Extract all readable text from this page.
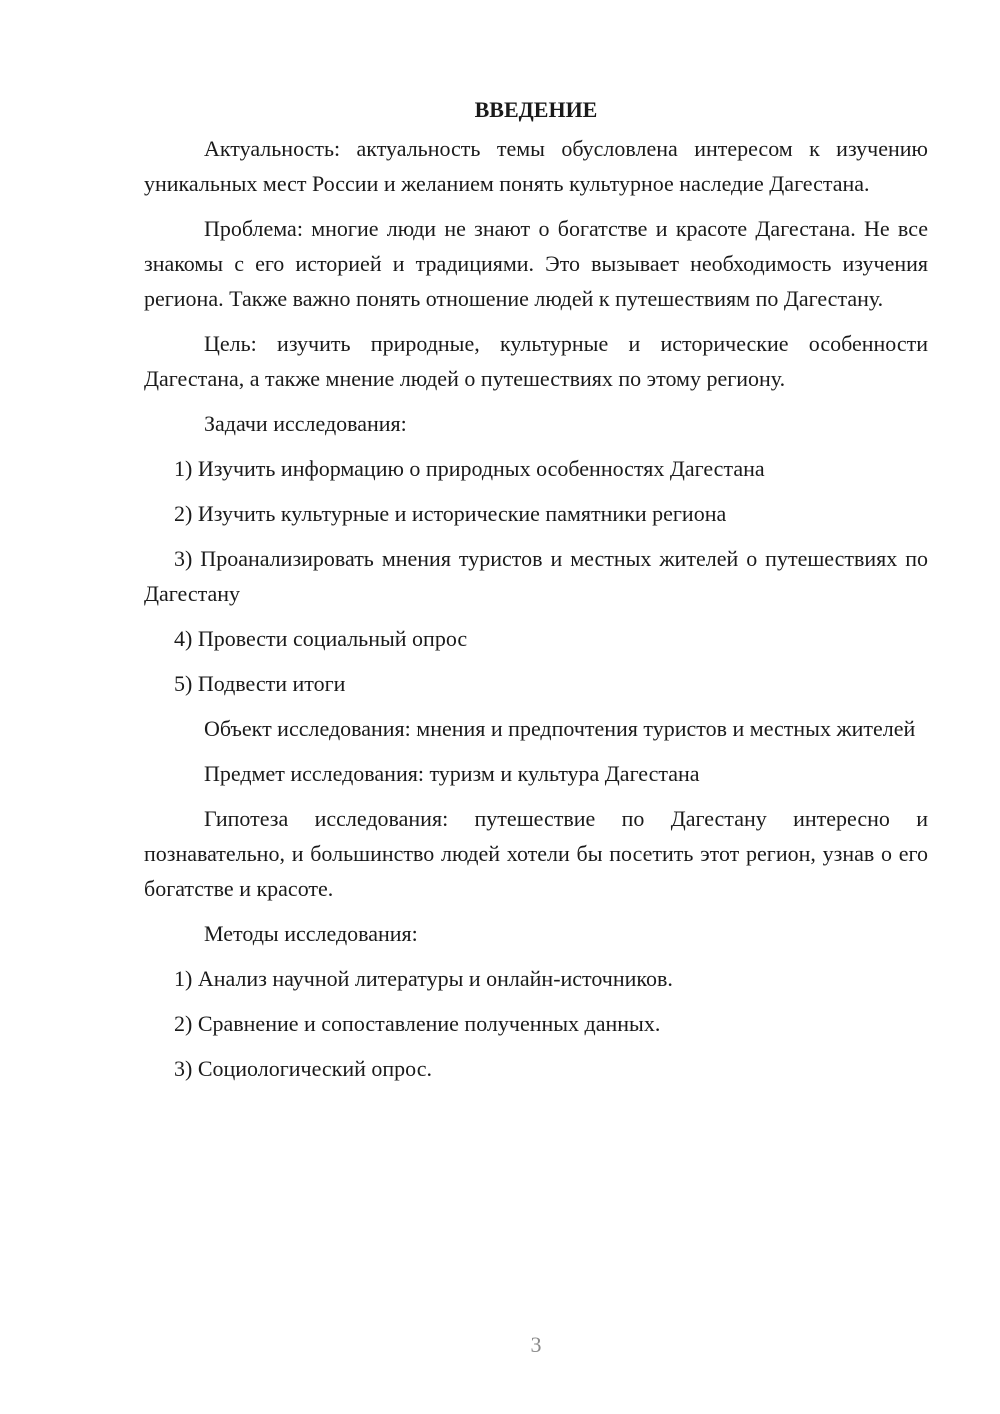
ВВЕДЕНИЕ

Актуальность: актуальность темы обусловлена интересом к изучению уникальных мест России и желанием понять культурное наследие Дагестана.

Проблема: многие люди не знают о богатстве и красоте Дагестана. Не все знакомы с его историей и традициями. Это вызывает необходимость изучения региона. Также важно понять отношение людей к путешествиям по Дагестану.

Цель: изучить природные, культурные и исторические особенности Дагестана, а также мнение людей о путешествиях по этому региону.

Задачи исследования:

1) Изучить информацию о природных особенностях Дагестана

2) Изучить культурные и исторические памятники региона

3) Проанализировать мнения туристов и местных жителей о путешествиях по Дагестану

4) Провести социальный опрос

5) Подвести итоги

Объект исследования: мнения и предпочтения туристов и местных жителей

Предмет исследования: туризм и культура Дагестана

Гипотеза исследования: путешествие по Дагестану интересно и познавательно, и большинство людей хотели бы посетить этот регион, узнав о его богатстве и красоте.

Методы исследования:

1) Анализ научной литературы и онлайн-источников.

2) Сравнение и сопоставление полученных данных.

3) Социологический опрос.

3
